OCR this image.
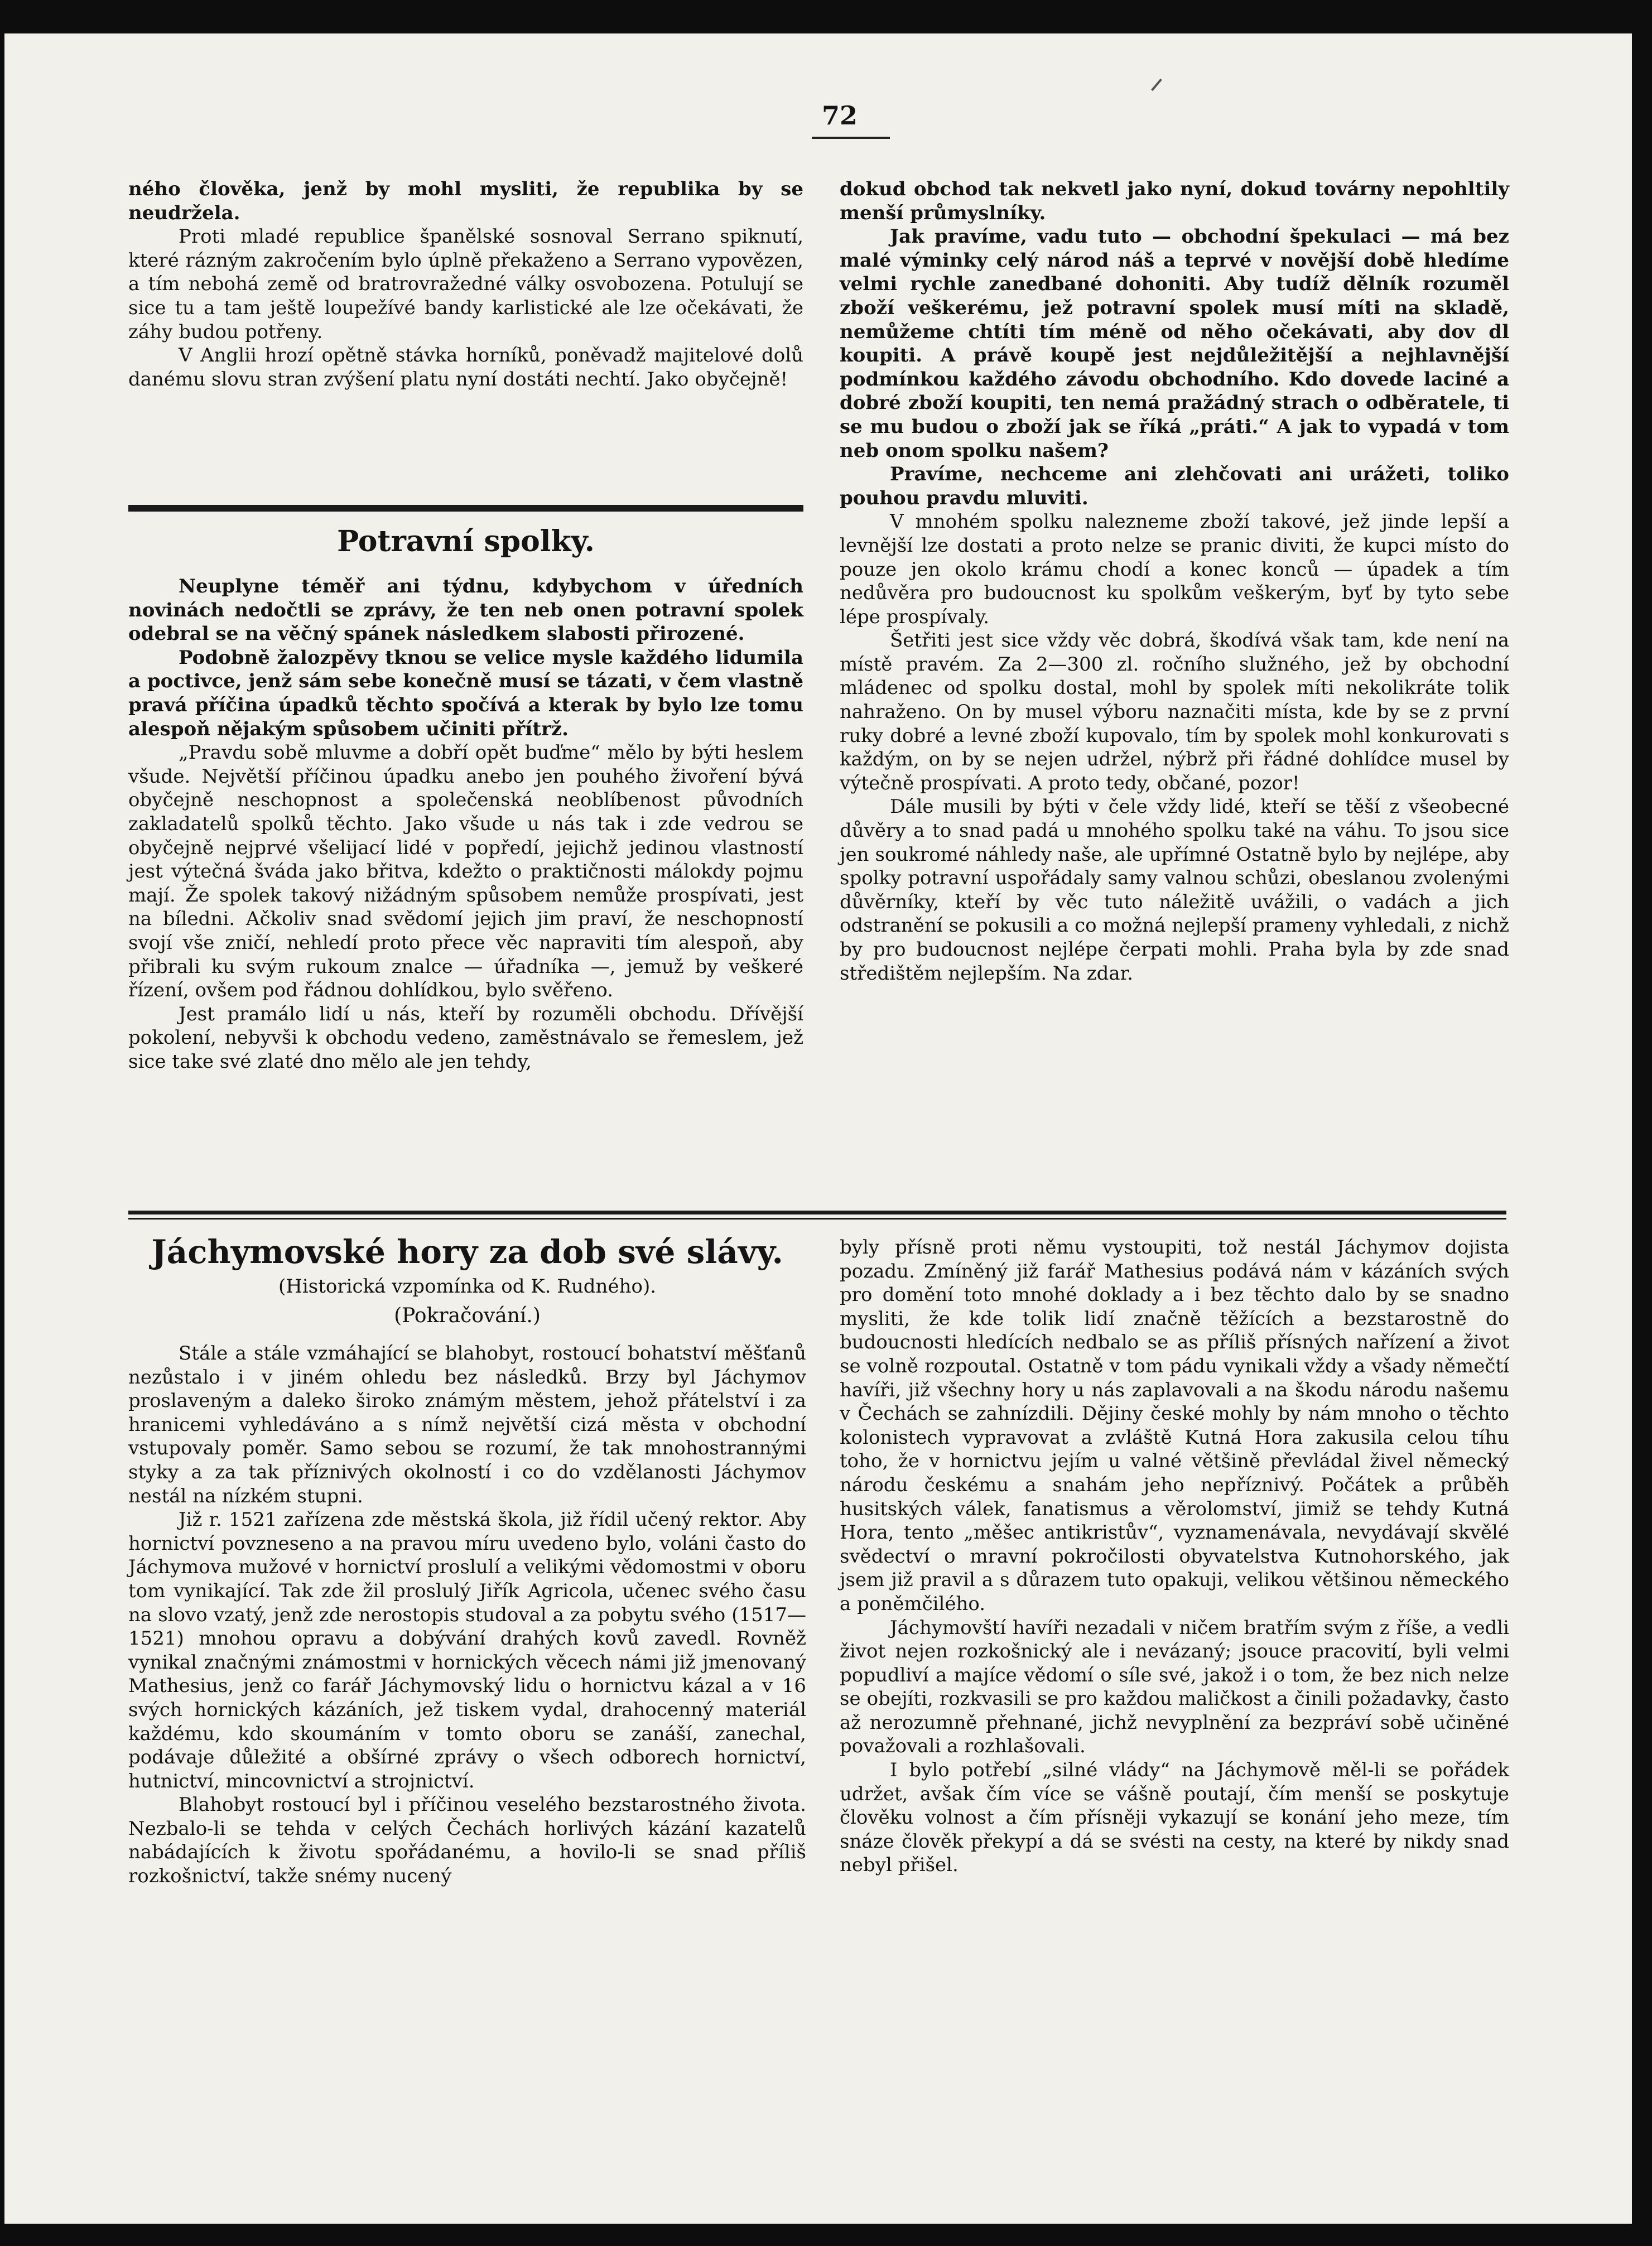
72

ného člověka, jenž by mohl mysliti, že republika by se neudržela.

Proti mladé republice španělské sosnoval Serrano spiknutí, které rázným zakročením bylo úplně překaženo a Serrano vypovězen, a tím nebohá země od bratrovražedné války osvobozena. Potulují se sice tu a tam ještě loupežívé bandy karlistické ale lze očekávati, že záhy budou potřeny.

V Anglii hrozí opětně stávka horníků, poněvadž majitelové dolů danému slovu stran zvýšení platu nyní dostáti nechtí. Jako obyčejně!

Potravní spolky.

Neuplyne téměř ani týdnu, kdybychom v úředních novinách nedočtli se zprávy, že ten neb onen potravní spolek odebral se na věčný spánek následkem slabosti přirozené.

Podobně žalozpěvy tknou se velice mysle každého lidumila a poctivce, jenž sám sebe konečně musí se tázati, v čem vlastně pravá příčina úpadků těchto spočívá a kterak by bylo lze tomu alespoň nějakým spůsobem učiniti přítrž.

„Pravdu sobě mluvme a dobří opět buďme“ mělo by býti heslem všude. Největší příčinou úpadku anebo jen pouhého živoření bývá obyčejně neschopnost a společenská neoblíbenost původních zakladatelů spolků těchto. Jako všude u nás tak i zde vedrou se obyčejně nejprvé všelijací lidé v popředí, jejichž jedinou vlastností jest výtečná šváda jako břitva, kdežto o praktičnosti málokdy pojmu mají. Že spolek takový nižádným spůsobem nemůže prospívati, jest na bíledni. Ačkoliv snad svědomí jejich jim praví, že neschopností svojí vše zničí, nehledí proto přece věc napraviti tím alespoň, aby přibrali ku svým rukoum znalce — úřadníka —, jemuž by veškeré řízení, ovšem pod řádnou dohlídkou, bylo svěřeno.

Jest pramálo lidí u nás, kteří by rozuměli obchodu. Dřívější pokolení, nebyvši k obchodu vedeno, zaměstnávalo se řemeslem, jež sice take své zlaté dno mělo ale jen tehdy,

dokud obchod tak nekvetl jako nyní, dokud továrny nepohltily menší průmyslníky.

Jak pravíme, vadu tuto — obchodní špekulaci — má bez malé výminky celý národ náš a teprvé v novější době hledíme velmi rychle zanedbané dohoniti. Aby tudíž dělník rozuměl zboží veškerému, jež potravní spolek musí míti na skladě, nemůžeme chtíti tím méně od něho očekávati, aby dov dl koupiti. A právě koupě jest nejdůležitější a nejhlavnější podmínkou každého závodu obchodního. Kdo dovede laciné a dobré zboží koupiti, ten nemá pražádný strach o odběratele, ti se mu budou o zboží jak se říká „práti.“ A jak to vypadá v tom neb onom spolku našem?

Pravíme, nechceme ani zlehčovati ani urážeti, toliko pouhou pravdu mluviti.

V mnohém spolku nalezneme zboží takové, jež jinde lepší a levnější lze dostati a proto nelze se pranic diviti, že kupci místo do pouze jen okolo krámu chodí a konec konců — úpadek a tím nedůvěra pro budoucnost ku spolkům veškerým, byť by tyto sebe lépe prospívaly.

Šetřiti jest sice vždy věc dobrá, škodívá však tam, kde není na místě pravém. Za 2—300 zl. ročního služného, jež by obchodní mládenec od spolku dostal, mohl by spolek míti nekolikráte tolik nahraženo. On by musel výboru naznačiti místa, kde by se z první ruky dobré a levné zboží kupovalo, tím by spolek mohl konkurovati s každým, on by se nejen udržel, nýbrž při řádné dohlídce musel by výtečně prospívati. A proto tedy, občané, pozor!

Dále musili by býti v čele vždy lidé, kteří se těší z všeobecné důvěry a to snad padá u mnohého spolku také na váhu. To jsou sice jen soukromé náhledy naše, ale upřímné Ostatně bylo by nejlépe, aby spolky potravní uspořádaly samy valnou schůzi, obeslanou zvolenými důvěrníky, kteří by věc tuto náležitě uvážili, o vadách a jich odstranění se pokusili a co možná nejlepší prameny vyhledali, z nichž by pro budoucnost nejlépe čerpati mohli. Praha byla by zde snad středištěm nejlepším. Na zdar.

Jáchymovské hory za dob své slávy.
(Historická vzpomínka od K. Rudného).
(Pokračování.)

Stále a stále vzmáhající se blahobyt, rostoucí bohatství měšťanů nezůstalo i v jiném ohledu bez následků. Brzy byl Jáchymov proslaveným a daleko široko známým městem, jehož přátelství i za hranicemi vyhledáváno a s nímž největší cizá města v obchodní vstupovaly poměr. Samo sebou se rozumí, že tak mnohostrannými styky a za tak příznivých okolností i co do vzdělanosti Jáchymov nestál na nízkém stupni.

Již r. 1521 zařízena zde městská škola, již řídil učený rektor. Aby hornictví povzneseno a na pravou míru uvedeno bylo, voláni často do Jáchymova mužové v hornictví proslulí a velikými vědomostmi v oboru tom vynikající. Tak zde žil proslulý Jiřík Agricola, učenec svého času na slovo vzatý, jenž zde nerostopis studoval a za pobytu svého (1517—1521) mnohou opravu a dobývání drahých kovů zavedl. Rovněž vynikal značnými známostmi v hornických věcech námi již jmenovaný Mathesius, jenž co farář Jáchymovský lidu o hornictvu kázal a v 16 svých hornických kázáních, jež tiskem vydal, drahocenný materiál každému, kdo skoumáním v tomto oboru se zanáší, zanechal, podávaje důležité a obšírné zprávy o všech odborech hornictví, hutnictví, mincovnictví a strojnictví.

Blahobyt rostoucí byl i příčinou veselého bezstarostného života. Nezbalo-li se tehda v celých Čechách horlivých kázání kazatelů nabádajících k životu spořádanému, a hovilo-li se snad příliš rozkošnictví, takže snémy nucený

byly přísně proti němu vystoupiti, tož nestál Jáchymov dojista pozadu. Zmíněný již farář Mathesius podává nám v kázáních svých pro domění toto mnohé doklady a i bez těchto dalo by se snadno mysliti, že kde tolik lidí značně těžících a bezstarostně do budoucnosti hledících nedbalo se as příliš přísných nařízení a život se volně rozpoutal. Ostatně v tom pádu vynikali vždy a všady němečtí havíři, již všechny hory u nás zaplavovali a na škodu národu našemu v Čechách se zahnízdili. Dějiny české mohly by nám mnoho o těchto kolonistech vypravovat a zvláště Kutná Hora zakusila celou tíhu toho, že v hornictvu jejím u valné většině převládal živel německý národu českému a snahám jeho nepříznivý. Počátek a průběh husitských válek, fanatismus a věrolomství, jimiž se tehdy Kutná Hora, tento „měšec antikristův“, vyznamenávala, nevydávají skvělé svědectví o mravní pokročilosti obyvatelstva Kutnohorského, jak jsem již pravil a s důrazem tuto opakuji, velikou většinou německého a poněmčilého.

Jáchymovští havíři nezadali v ničem bratřím svým z říše, a vedli život nejen rozkošnický ale i nevázaný; jsouce pracovití, byli velmi popudliví a majíce vědomí o síle své, jakož i o tom, že bez nich nelze se obejíti, rozkvasili se pro každou maličkost a činili požadavky, často až nerozumně přehnané, jichž nevyplnění za bezpráví sobě učiněné považovali a rozhlašovali.

I bylo potřebí „silné vlády“ na Jáchymově měl-li se pořádek udržet, avšak čím více se vášně poutají, čím menší se poskytuje člověku volnost a čím přísněji vykazují se konání jeho meze, tím snáze člověk překypí a dá se svésti na cesty, na které by nikdy snad nebyl přišel.
